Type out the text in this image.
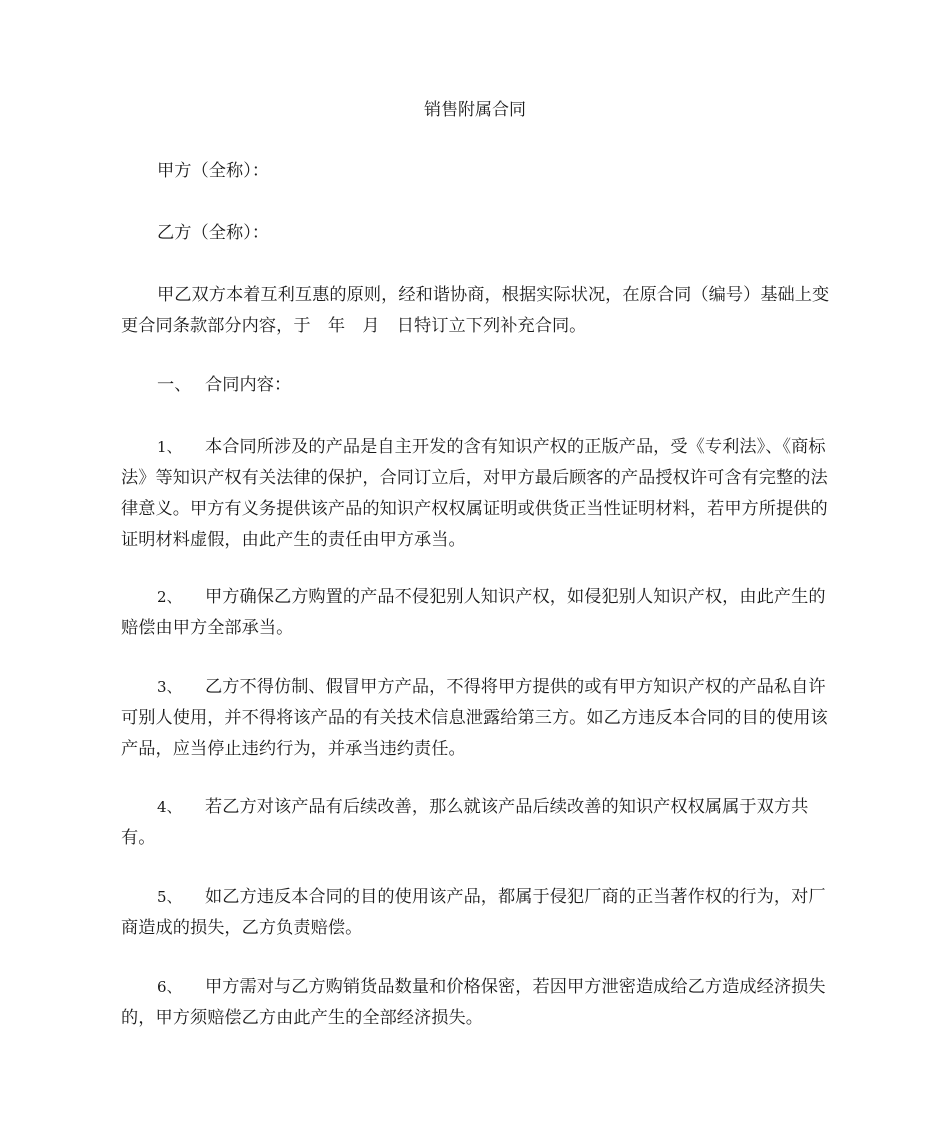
销售附属合同

甲方（全称）：

乙方（全称）：

甲乙双方本着互利互惠的原则，经和谐协商，根据实际状况，在原合同（编号）基础上变更合同条款部分内容，于　年　月　日特订立下列补充合同。

一、 合同内容：

1、 本合同所涉及的产品是自主开发的含有知识产权的正版产品，受《专利法》、《商标法》等知识产权有关法律的保护，合同订立后，对甲方最后顾客的产品授权许可含有完整的法律意义。甲方有义务提供该产品的知识产权权属证明或供货正当性证明材料，若甲方所提供的证明材料虚假，由此产生的责任由甲方承当。

2、 甲方确保乙方购置的产品不侵犯别人知识产权，如侵犯别人知识产权，由此产生的赔偿由甲方全部承当。

3、 乙方不得仿制、假冒甲方产品，不得将甲方提供的或有甲方知识产权的产品私自许可别人使用，并不得将该产品的有关技术信息泄露给第三方。如乙方违反本合同的目的使用该产品，应当停止违约行为，并承当违约责任。

4、 若乙方对该产品有后续改善，那么就该产品后续改善的知识产权权属属于双方共有。

5、 如乙方违反本合同的目的使用该产品，都属于侵犯厂商的正当著作权的行为，对厂商造成的损失，乙方负责赔偿。

6、 甲方需对与乙方购销货品数量和价格保密，若因甲方泄密造成给乙方造成经济损失的，甲方须赔偿乙方由此产生的全部经济损失。
